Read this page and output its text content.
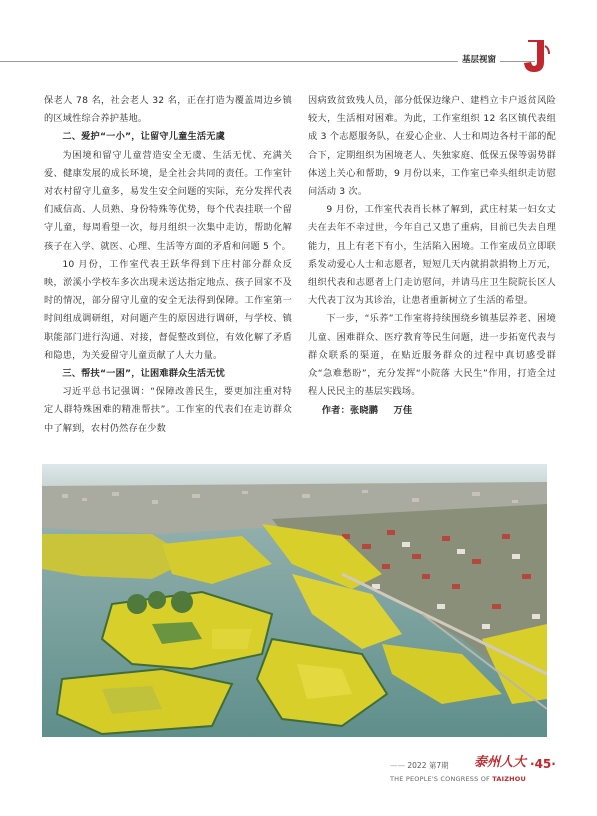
基层视窗

保老人 78 名，社会老人 32 名，正在打造为覆盖周边乡镇的区域性综合养护基地。

二、爱护“一小”，让留守儿童生活无虞

为困境和留守儿童营造安全无虞、生活无忧、充满关爱、健康发展的成长环境，是全社会共同的责任。工作室针对农村留守儿童多，易发生安全问题的实际，充分发挥代表们威信高、人员熟、身份特殊等优势，每个代表挂联一个留守儿童，每周看望一次，每月组织一次集中走访，帮助化解孩子在入学、就医、心理、生活等方面的矛盾和问题 5 个。

10 月份，工作室代表王跃华得到下庄村部分群众反映，淤溪小学校车多次出现未送达指定地点、孩子回家不及时的情况，部分留守儿童的安全无法得到保障。工作室第一时间组成调研组，对问题产生的原因进行调研，与学校、镇职能部门进行沟通、对接，督促整改到位，有效化解了矛盾和隐患，为关爱留守儿童贡献了人大力量。

三、帮扶“一困”，让困难群众生活无忧

习近平总书记强调：“保障改善民生，要更加注重对特定人群特殊困难的精准帮扶”。工作室的代表们在走访群众中了解到，农村仍然存在少数

因病致贫致残人员，部分低保边缘户、建档立卡户返贫风险较大，生活相对困难。为此，工作室组织 12 名区镇代表组成 3 个志愿服务队，在爱心企业、人士和周边各村干部的配合下，定期组织为困境老人、失独家庭、低保五保等弱势群体送上关心和帮助，9 月份以来，工作室已牵头组织走访慰问活动 3 次。

9 月份，工作室代表肖长林了解到，武庄村某一妇女丈夫在去年不幸过世，今年自己又患了重病，目前已失去自理能力，且上有老下有小，生活陷入困境。工作室成员立即联系发动爱心人士和志愿者，短短几天内就捐款捐物上万元，组织代表和志愿者上门走访慰问，并请马庄卫生院院长区人大代表丁汉为其诊治，让患者重新树立了生活的希望。

下一步，“乐荞”工作室将持续围绕乡镇基层养老、困境儿童、困难群众、医疗教育等民生问题，进一步拓宽代表与群众联系的渠道，在贴近服务群众的过程中真切感受群众“急难愁盼”，充分发挥“小院落 大民生”作用，打造全过程人民民主的基层实践场。

作者：张晓鹏 万佳

—— 2022 第7期 泰州人大
THE PEOPLE'S CONGRESS OF TAIZHOU
·45·
